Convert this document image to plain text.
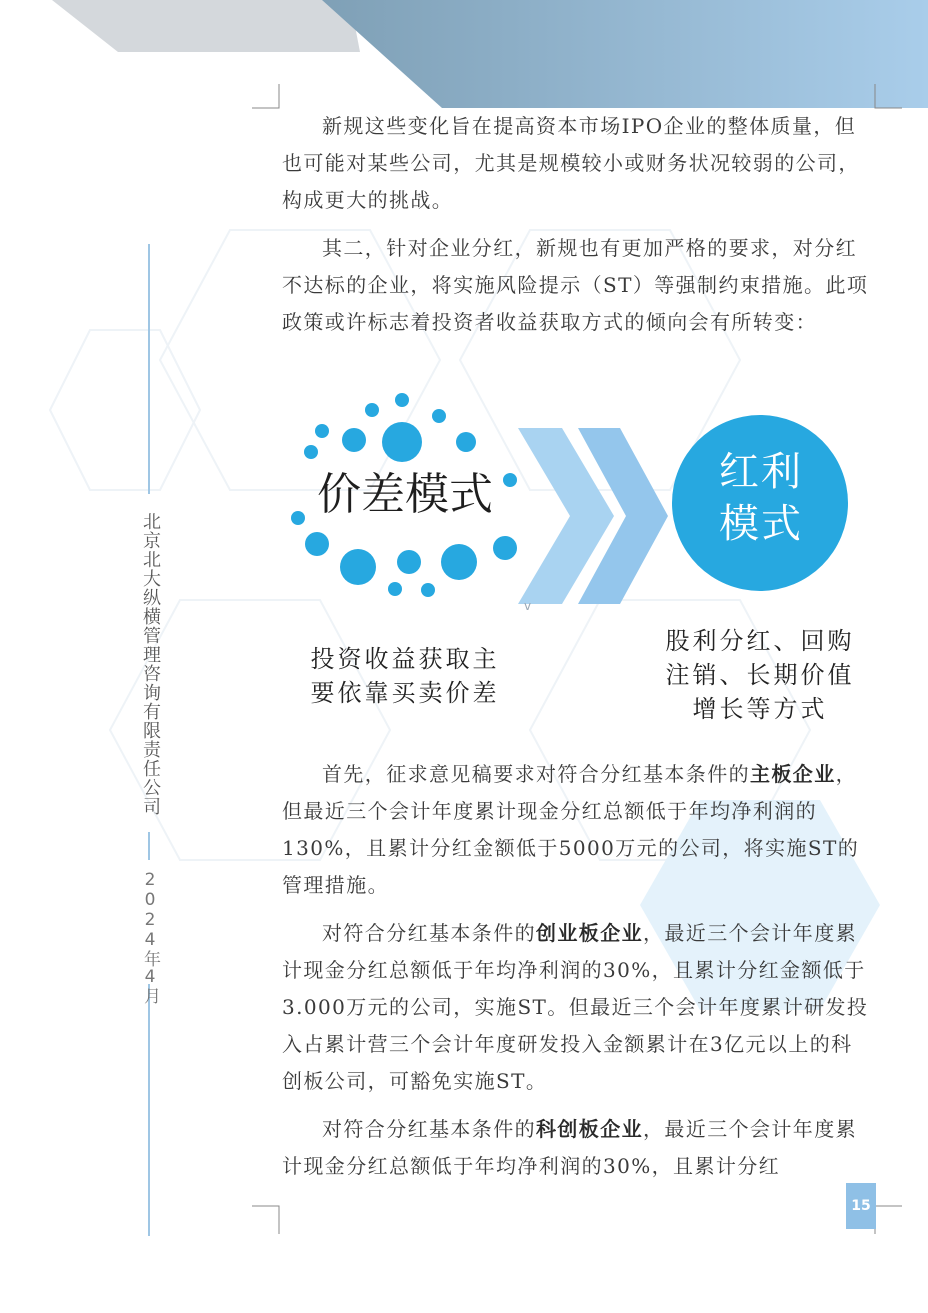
北京北大纵横管理咨询有限责任公司
2024年4月

新规这些变化旨在提高资本市场IPO企业的整体质量，但也可能对某些公司，尤其是规模较小或财务状况较弱的公司，构成更大的挑战。

其二，针对企业分红，新规也有更加严格的要求，对分红不达标的企业，将实施风险提示（ST）等强制约束措施。此项政策或许标志着投资者收益获取方式的倾向会有所转变：

首先，征求意见稿要求对符合分红基本条件的主板企业，但最近三个会计年度累计现金分红总额低于年均净利润的130%，且累计分红金额低于5000万元的公司，将实施ST的管理措施。

对符合分红基本条件的创业板企业，最近三个会计年度累计现金分红总额低于年均净利润的30%，且累计分红金额低于3.000万元的公司，实施ST。但最近三个会计年度累计研发投入占累计营三个会计年度研发投入金额累计在3亿元以上的科创板公司，可豁免实施ST。

对符合分红基本条件的科创板企业，最近三个会计年度累计现金分红总额低于年均净利润的30%，且累计分红

价差模式	红利
模式
v
投资收益获取主
要依靠买卖价差
股利分红、回购
注销、长期价值
增长等方式
15
